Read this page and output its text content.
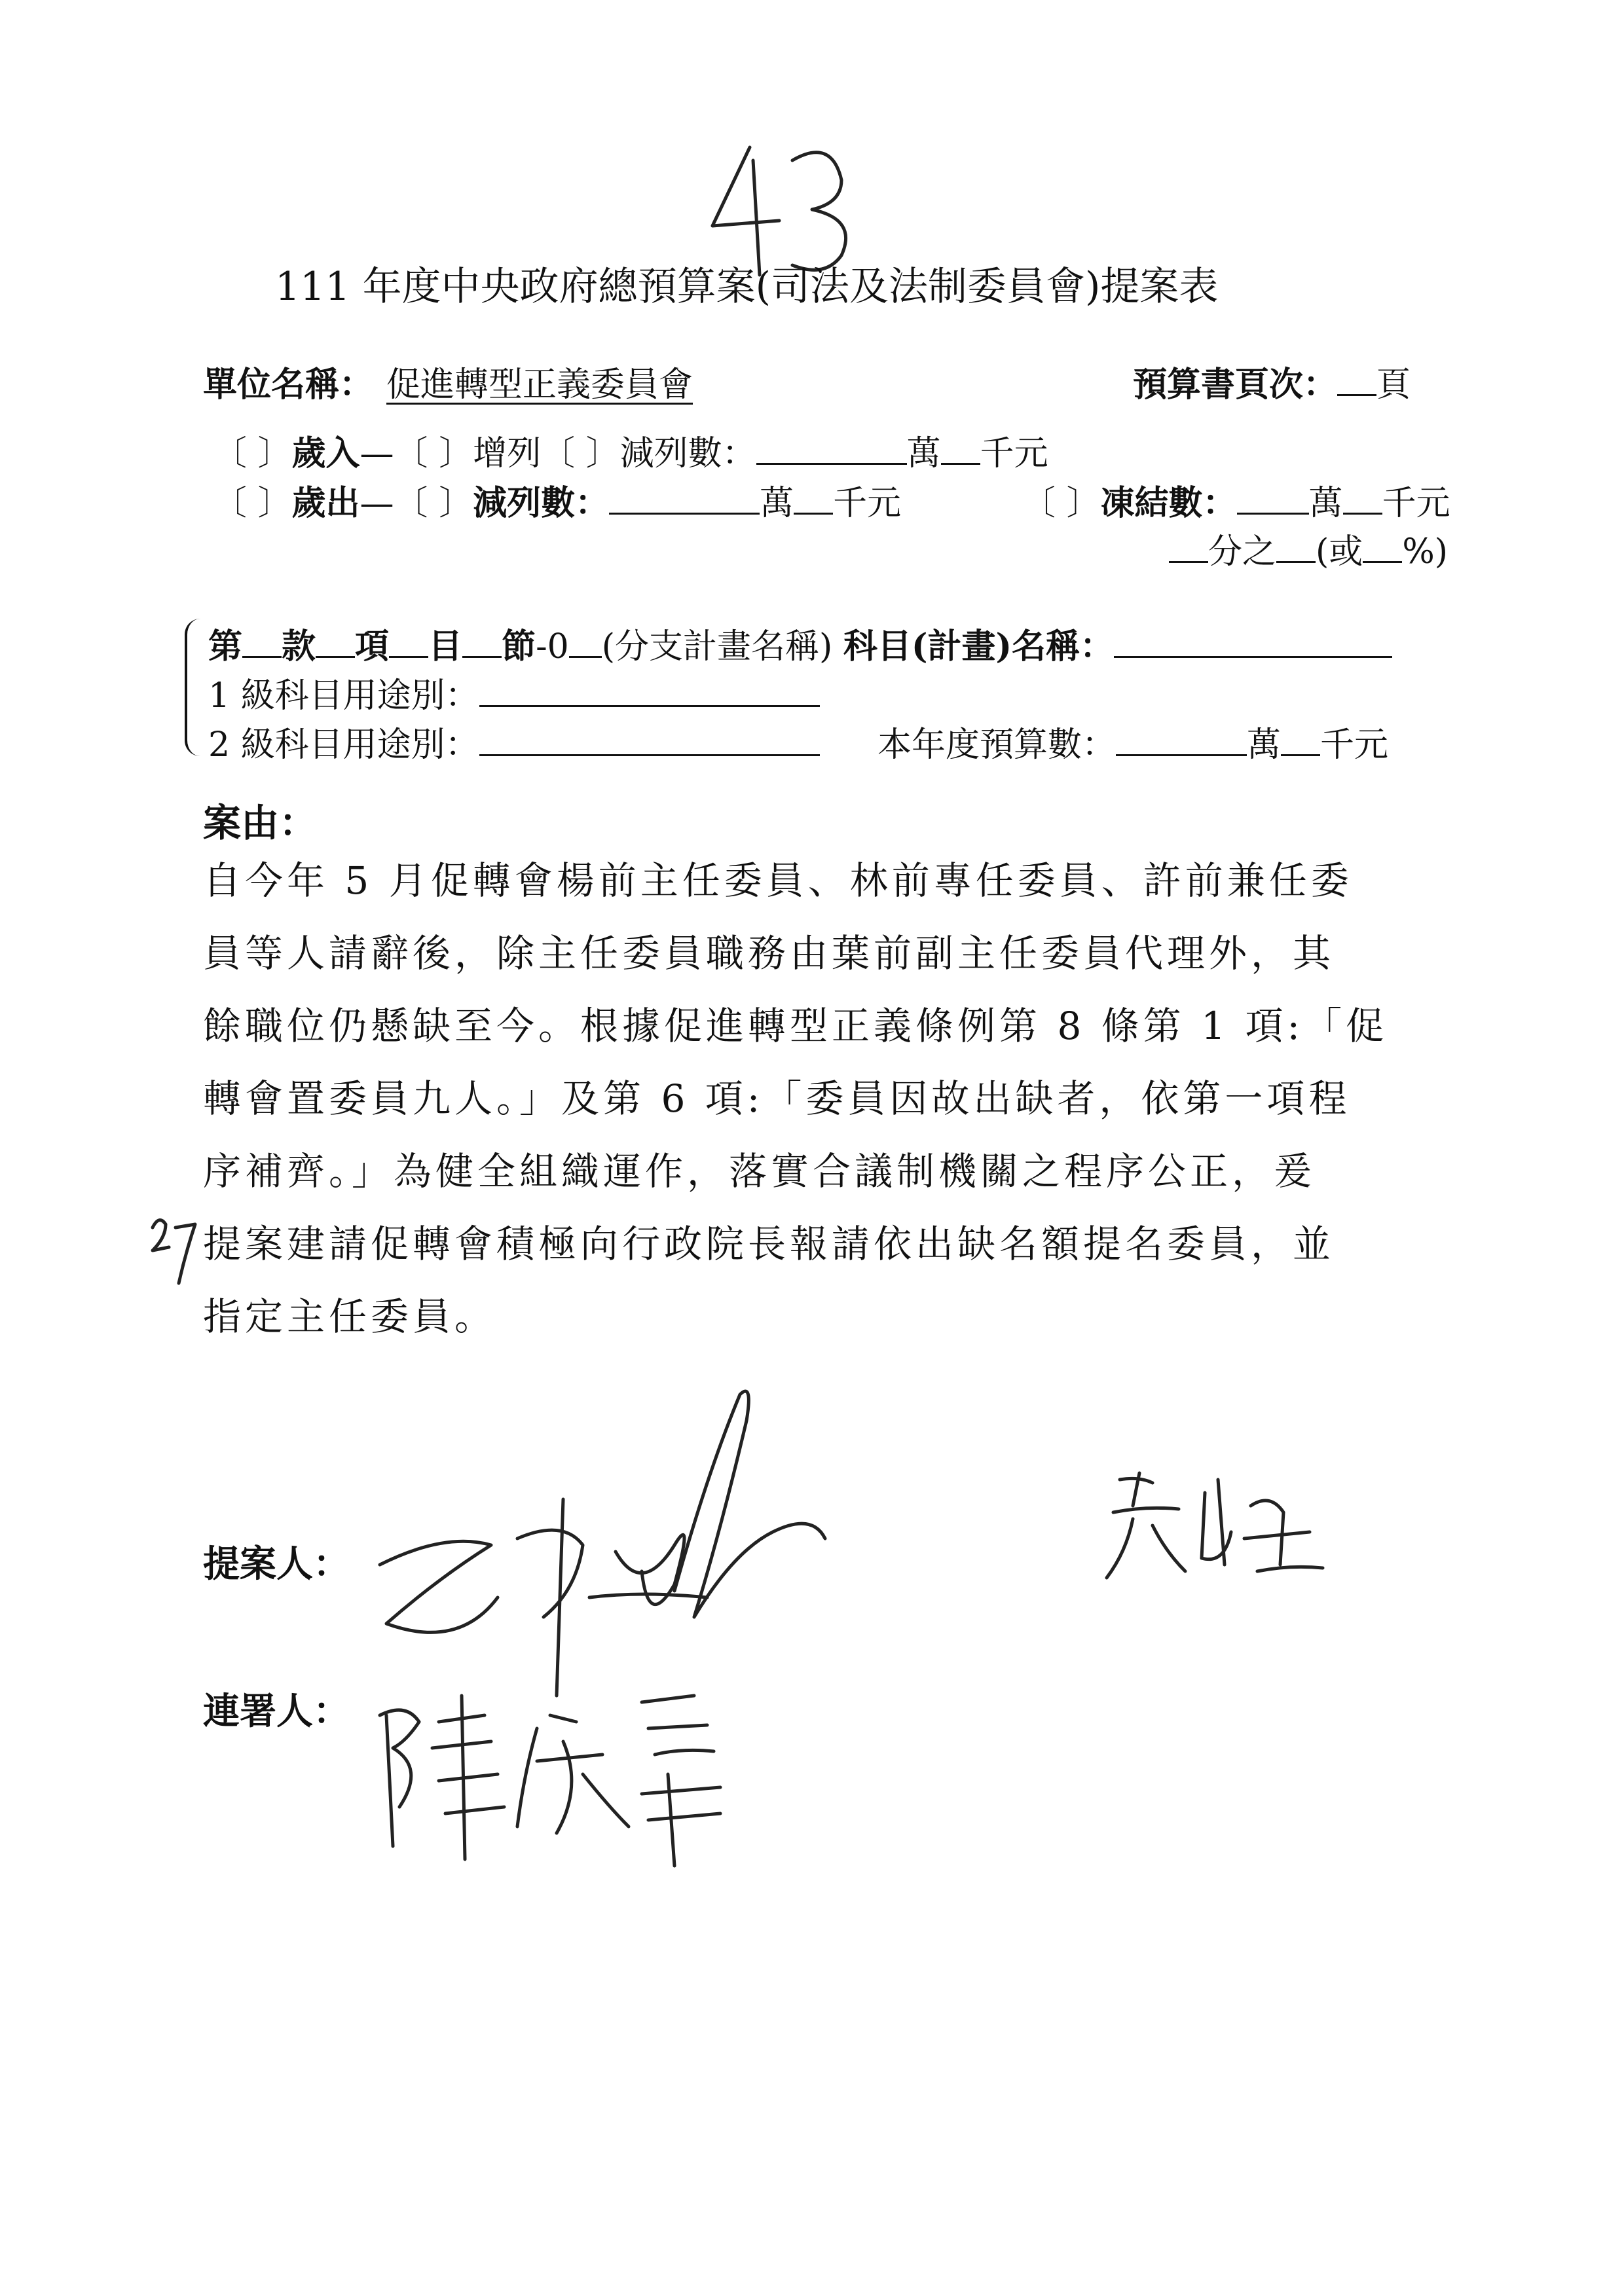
111 年度中央政府總預算案(司法及法制委員會)提案表
單位名稱： 促進轉型正義委員會	預算書頁次： 頁
〔 〕歲入—〔 〕增列〔 〕減列數：	萬 千元
〔 〕歲出—〔 〕減列數：	萬 千元	〔 〕凍結數： 萬 千元
分之 (或 %)
第 款 項 目 節-0 (分支計畫名稱) 科目(計畫)名稱：
1 級科目用途別：
2 級科目用途別：	本年度預算數：	萬 千元
案由：
自今年 5 月促轉會楊前主任委員、林前專任委員、許前兼任委
員等人請辭後，除主任委員職務由葉前副主任委員代理外，其
餘職位仍懸缺至今。根據促進轉型正義條例第 8 條第 1 項:「促
轉會置委員九人。」及第 6 項:「委員因故出缺者，依第一項程
序補齊。」為健全組織運作，落實合議制機關之程序公正，爰
提案建請促轉會積極向行政院長報請依出缺名額提名委員，並
指定主任委員。
提案人：
連署人：
